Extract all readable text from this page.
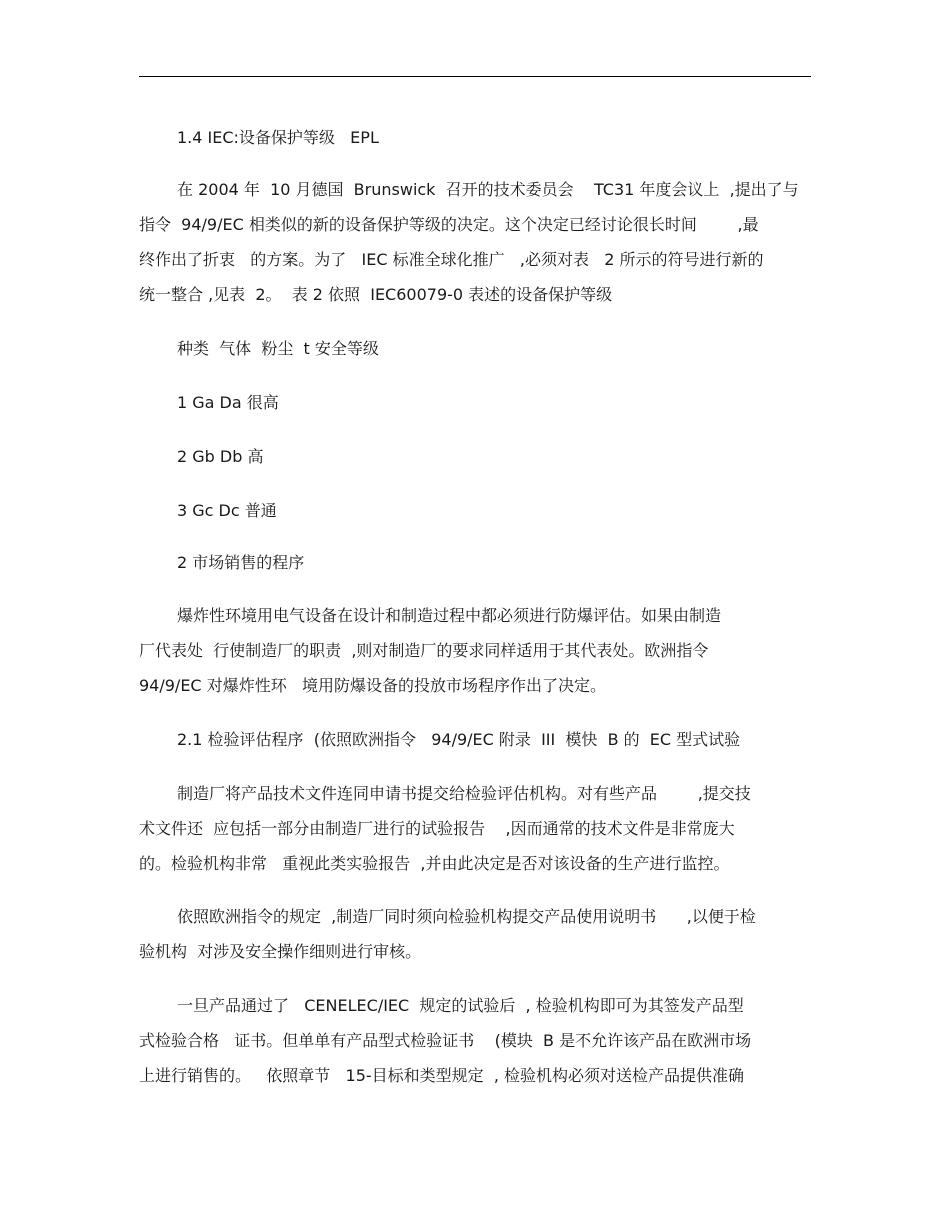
1.4 IEC:设备保护等级   EPL
在 2004 年  10 月德国  Brunswick  召开的技术委员会    TC31 年度会议上  ,提出了与
指令  94/9/EC 相类似的新的设备保护等级的决定。这个决定已经讨论很长时间        ,最
终作出了折衷   的方案。为了   IEC 标准全球化推广   ,必须对表   2 所示的符号进行新的
统一整合 ,见表  2。  表 2 依照  IEC60079-0 表述的设备保护等级
种类  气体  粉尘  t 安全等级
1 Ga Da 很高
2 Gb Db 高
3 Gc Dc 普通
2 市场销售的程序
爆炸性环境用电气设备在设计和制造过程中都必须进行防爆评估。如果由制造
厂代表处  行使制造厂的职责  ,则对制造厂的要求同样适用于其代表处。欧洲指令
94/9/EC 对爆炸性环   境用防爆设备的投放市场程序作出了决定。
2.1 检验评估程序  (依照欧洲指令   94/9/EC 附录  III  模快  B 的  EC 型式试验
制造厂将产品技术文件连同申请书提交给检验评估机构。对有些产品        ,提交技
术文件还  应包括一部分由制造厂进行的试验报告    ,因而通常的技术文件是非常庞大
的。检验机构非常   重视此类实验报告  ,并由此决定是否对该设备的生产进行监控。
依照欧洲指令的规定  ,制造厂同时须向检验机构提交产品使用说明书      ,以便于检
验机构  对涉及安全操作细则进行审核。
一旦产品通过了   CENELEC/IEC  规定的试验后  , 检验机构即可为其签发产品型
式检验合格   证书。但单单有产品型式检验证书    (模块  B 是不允许该产品在欧洲市场
上进行销售的。   依照章节   15-目标和类型规定  , 检验机构必须对送检产品提供准确
